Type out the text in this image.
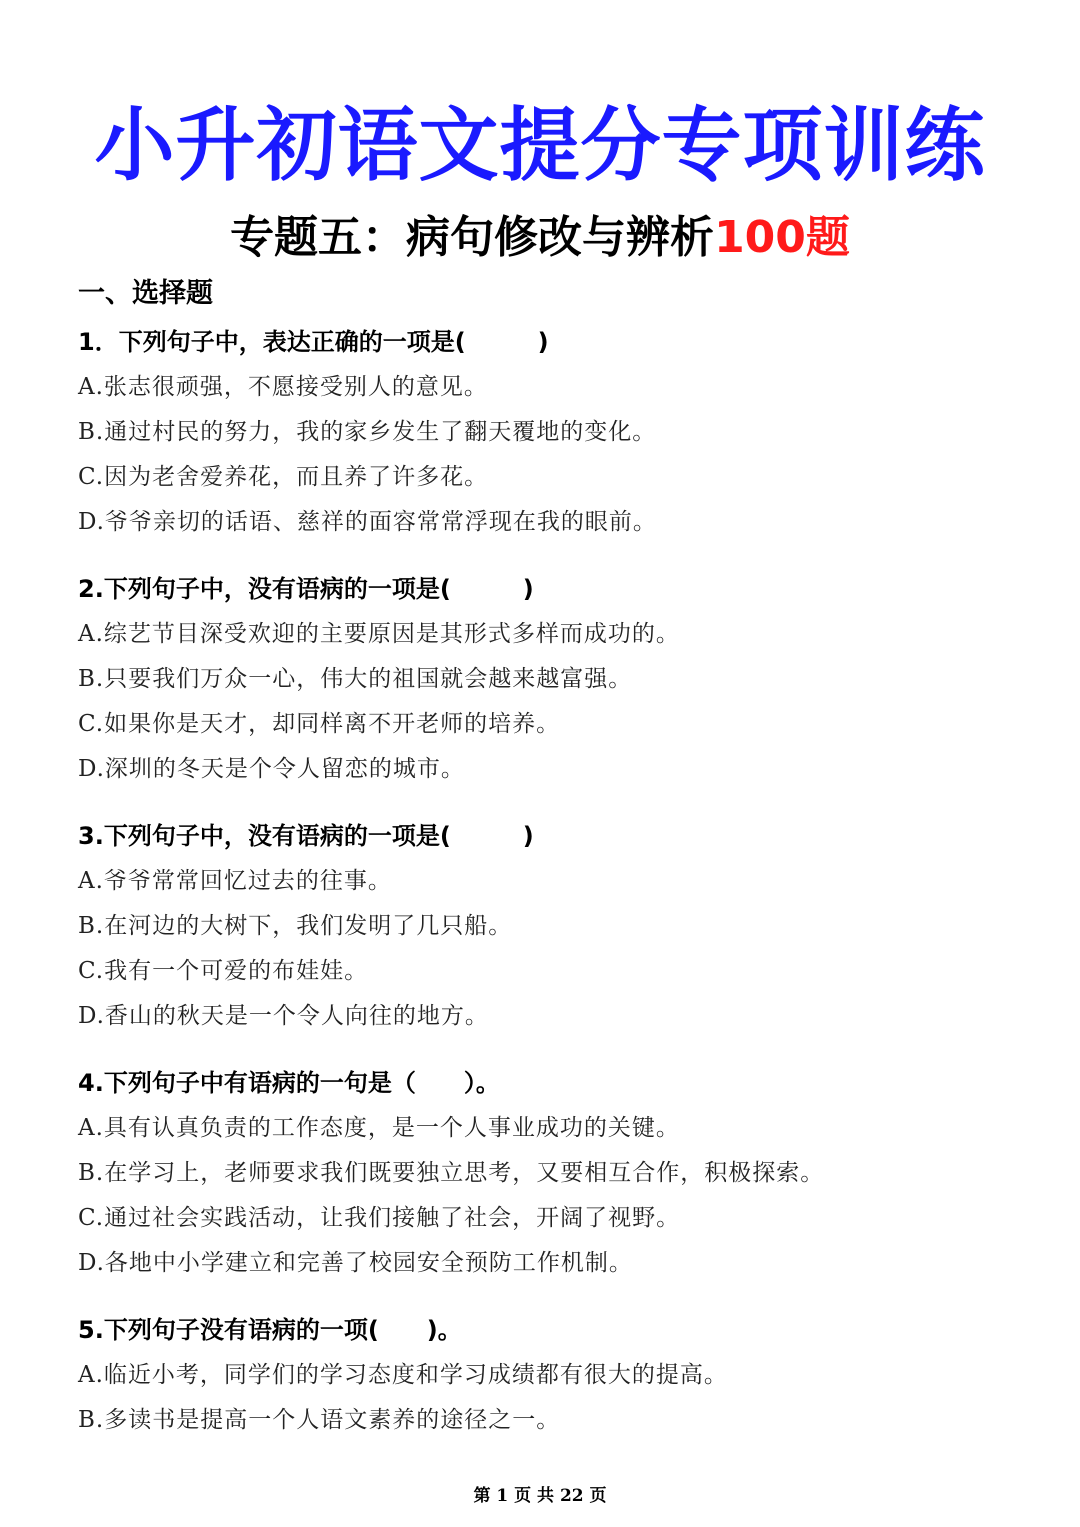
小升初语文提分专项训练
专题五：病句修改与辨析100题
一、选择题
1．下列句子中，表达正确的一项是(　　　)
A.张志很顽强，不愿接受别人的意见。
B.通过村民的努力，我的家乡发生了翻天覆地的变化。
C.因为老舍爱养花，而且养了许多花。
D.爷爷亲切的话语、慈祥的面容常常浮现在我的眼前。
2.下列句子中，没有语病的一项是(　　　)
A.综艺节目深受欢迎的主要原因是其形式多样而成功的。
B.只要我们万众一心，伟大的祖国就会越来越富强。
C.如果你是天才，却同样离不开老师的培养。
D.深圳的冬天是个令人留恋的城市。
3.下列句子中，没有语病的一项是(　　　)
A.爷爷常常回忆过去的往事。
B.在河边的大树下，我们发明了几只船。
C.我有一个可爱的布娃娃。
D.香山的秋天是一个令人向往的地方。
4.下列句子中有语病的一句是（　　）。
A.具有认真负责的工作态度，是一个人事业成功的关键。
B.在学习上，老师要求我们既要独立思考，又要相互合作，积极探索。
C.通过社会实践活动，让我们接触了社会，开阔了视野。
D.各地中小学建立和完善了校园安全预防工作机制。
5.下列句子没有语病的一项(　　)。
A.临近小考，同学们的学习态度和学习成绩都有很大的提高。
B.多读书是提高一个人语文素养的途径之一。
第 1 页 共 22 页
